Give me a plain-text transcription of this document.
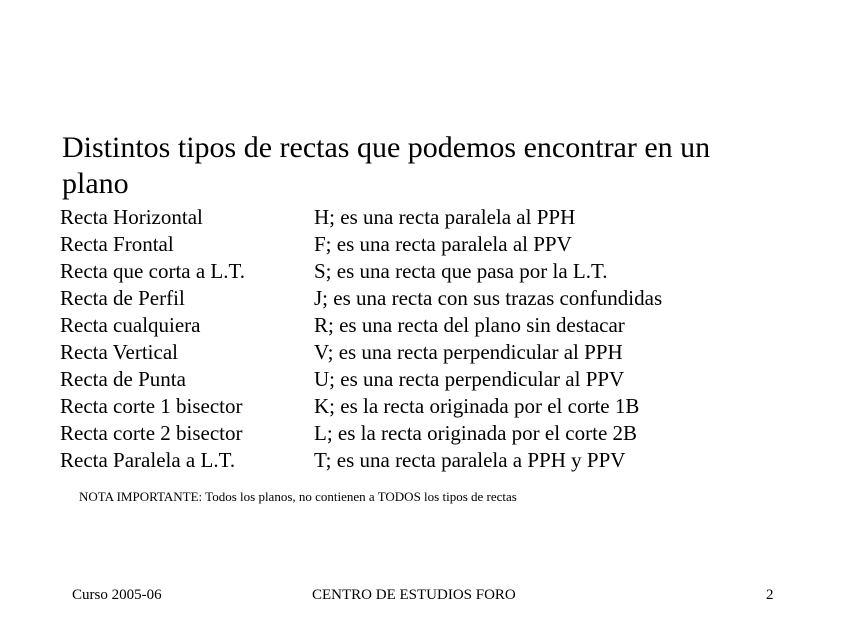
Distintos tipos de rectas que podemos encontrar en un plano
Recta Horizontal	H; es una recta paralela al PPH
Recta Frontal	F; es una recta paralela al PPV
Recta que corta a L.T.	S; es una recta que pasa por la L.T.
Recta de Perfil	J; es una recta con sus trazas confundidas
Recta cualquiera	R; es una recta del plano sin destacar
Recta Vertical	V; es una recta perpendicular al PPH
Recta de Punta	U; es una recta perpendicular al PPV
Recta corte 1 bisector	K; es la recta originada por el corte 1B
Recta corte 2 bisector	L; es la recta originada por el corte 2B
Recta Paralela a L.T.	T; es una recta paralela a PPH y PPV
NOTA IMPORTANTE: Todos los planos, no contienen a TODOS los tipos de rectas
Curso 2005-06	CENTRO DE ESTUDIOS FORO	2
